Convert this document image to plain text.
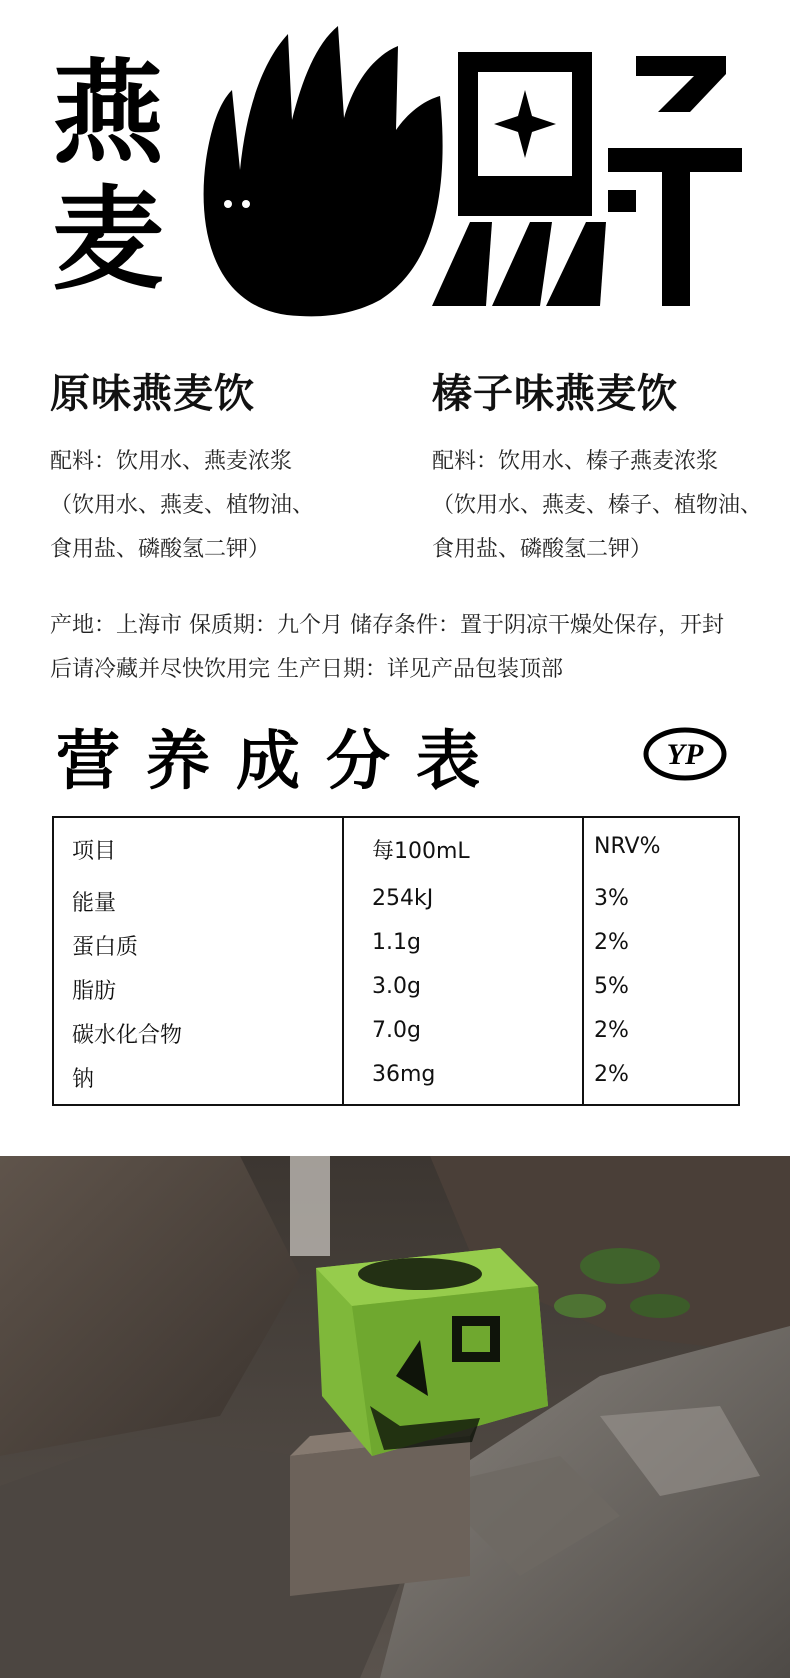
燕
麦
原味燕麦饮	榛子味燕麦饮
配料：饮用水、燕麦浓浆
（饮用水、燕麦、植物油、
食用盐、磷酸氢二钾）
配料：饮用水、榛子燕麦浓浆
（饮用水、燕麦、榛子、植物油、
食用盐、磷酸氢二钾）
产地：上海市 保质期：九个月 储存条件：置于阴凉干燥处保存，开封
后请冷藏并尽快饮用完 生产日期：详见产品包装顶部
营养成分表	YP
项目	每100mL	NRV%
能量	254kJ	3%
蛋白质	1.1g	2%
脂肪	3.0g	5%
碳水化合物	7.0g	2%
钠	36mg	2%
